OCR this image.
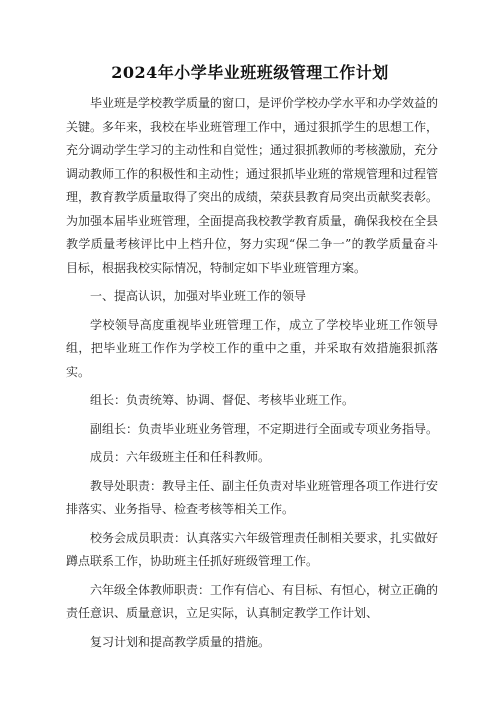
2024年小学毕业班班级管理工作计划

毕业班是学校教学质量的窗口，是评价学校办学水平和办学效益的关键。多年来，我校在毕业班管理工作中，通过狠抓学生的思想工作，充分调动学生学习的主动性和自觉性；通过狠抓教师的考核激励，充分调动教师工作的积极性和主动性；通过狠抓毕业班的常规管理和过程管理，教育教学质量取得了突出的成绩，荣获县教育局突出贡献奖表彰。为加强本届毕业班管理，全面提高我校教学教育质量，确保我校在全县教学质量考核评比中上档升位，努力实现“保二争一”的教学质量奋斗目标，根据我校实际情况，特制定如下毕业班管理方案。

一、提高认识，加强对毕业班工作的领导

学校领导高度重视毕业班管理工作，成立了学校毕业班工作领导组，把毕业班工作作为学校工作的重中之重，并采取有效措施狠抓落实。

组长：负责统筹、协调、督促、考核毕业班工作。

副组长：负责毕业班业务管理，不定期进行全面或专项业务指导。

成员：六年级班主任和任科教师。

教导处职责：教导主任、副主任负责对毕业班管理各项工作进行安排落实、业务指导、检查考核等相关工作。

校务会成员职责：认真落实六年级管理责任制相关要求，扎实做好蹲点联系工作，协助班主任抓好班级管理工作。

六年级全体教师职责：工作有信心、有目标、有恒心，树立正确的责任意识、质量意识，立足实际，认真制定教学工作计划、

复习计划和提高教学质量的措施。
